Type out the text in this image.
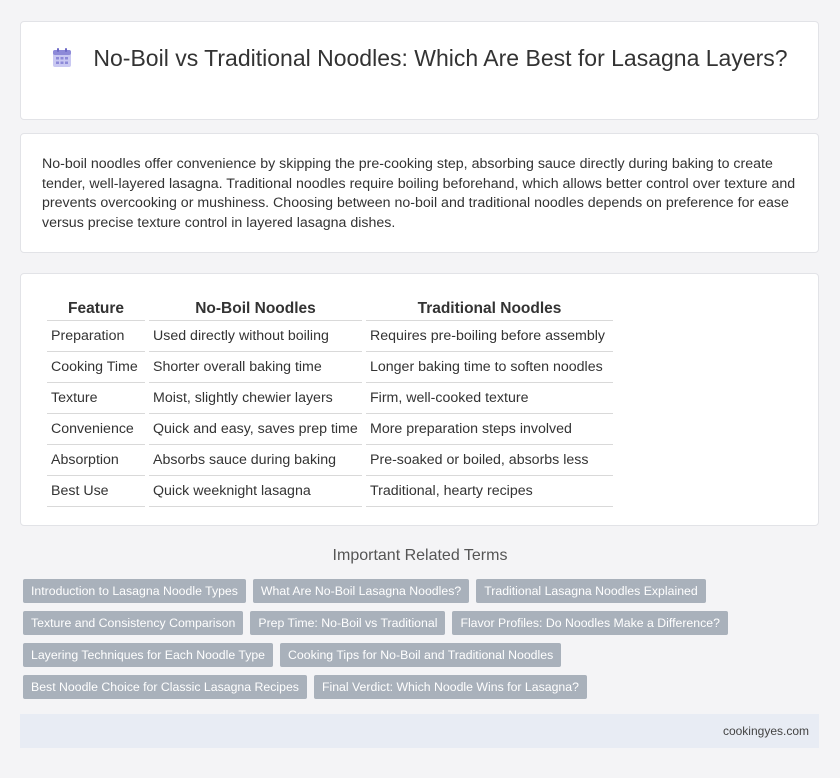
No-Boil vs Traditional Noodles: Which Are Best for Lasagna Layers?

No-boil noodles offer convenience by skipping the pre-cooking step, absorbing sauce directly during baking to create tender, well-layered lasagna. Traditional noodles require boiling beforehand, which allows better control over texture and prevents overcooking or mushiness. Choosing between no-boil and traditional noodles depends on preference for ease versus precise texture control in layered lasagna dishes.

Feature	No-Boil Noodles	Traditional Noodles
Preparation	Used directly without boiling	Requires pre-boiling before assembly
Cooking Time	Shorter overall baking time	Longer baking time to soften noodles
Texture	Moist, slightly chewier layers	Firm, well-cooked texture
Convenience	Quick and easy, saves prep time	More preparation steps involved
Absorption	Absorbs sauce during baking	Pre-soaked or boiled, absorbs less
Best Use	Quick weeknight lasagna	Traditional, hearty recipes
Important Related Terms
Introduction to Lasagna Noodle Types	What Are No-Boil Lasagna Noodles?	Traditional Lasagna Noodles Explained
Texture and Consistency Comparison	Prep Time: No-Boil vs Traditional	Flavor Profiles: Do Noodles Make a Difference?
Layering Techniques for Each Noodle Type	Cooking Tips for No-Boil and Traditional Noodles
Best Noodle Choice for Classic Lasagna Recipes	Final Verdict: Which Noodle Wins for Lasagna?
cookingyes.com
